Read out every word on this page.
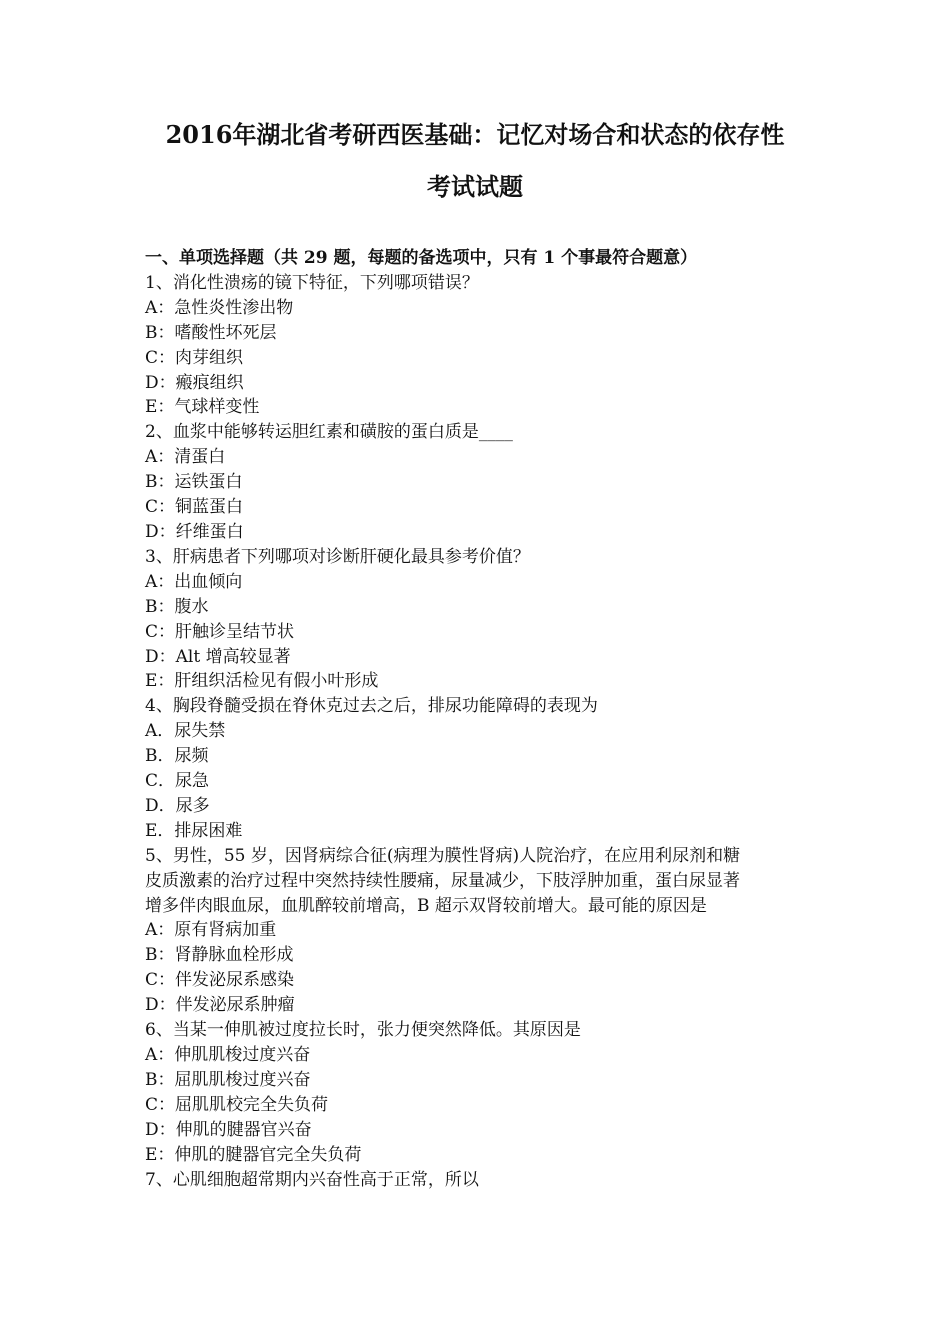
2016年湖北省考研西医基础：记忆对场合和状态的依存性
考试试题
一、单项选择题（共 29 题，每题的备选项中，只有 1 个事最符合题意）
1、消化性溃疡的镜下特征，下列哪项错误？
A：急性炎性渗出物
B：嗜酸性坏死层
C：肉芽组织
D：瘢痕组织
E：气球样变性
2、血浆中能够转运胆红素和磺胺的蛋白质是____
A：清蛋白
B：运铁蛋白
C：铜蓝蛋白
D：纤维蛋白
3、肝病患者下列哪项对诊断肝硬化最具参考价值？
A：出血倾向
B：腹水
C：肝触诊呈结节状
D：Alt 增高较显著
E：肝组织活检见有假小叶形成
4、胸段脊髓受损在脊休克过去之后，排尿功能障碍的表现为
A．尿失禁
B．尿频
C．尿急
D．尿多
E．排尿困难
5、男性，55 岁，因肾病综合征(病理为膜性肾病)人院治疗，在应用利尿剂和糖
皮质激素的治疗过程中突然持续性腰痛，尿量减少，下肢浮肿加重，蛋白尿显著
增多伴肉眼血尿，血肌醉较前增高，B 超示双肾较前增大。最可能的原因是
A：原有肾病加重
B：肾静脉血栓形成
C：伴发泌尿系感染
D：伴发泌尿系肿瘤
6、当某一伸肌被过度拉长时，张力便突然降低。其原因是
A：伸肌肌梭过度兴奋
B：屈肌肌梭过度兴奋
C：屈肌肌校完全失负荷
D：伸肌的腱器官兴奋
E：伸肌的腱器官完全失负荷
7、心肌细胞超常期内兴奋性高于正常，所以
